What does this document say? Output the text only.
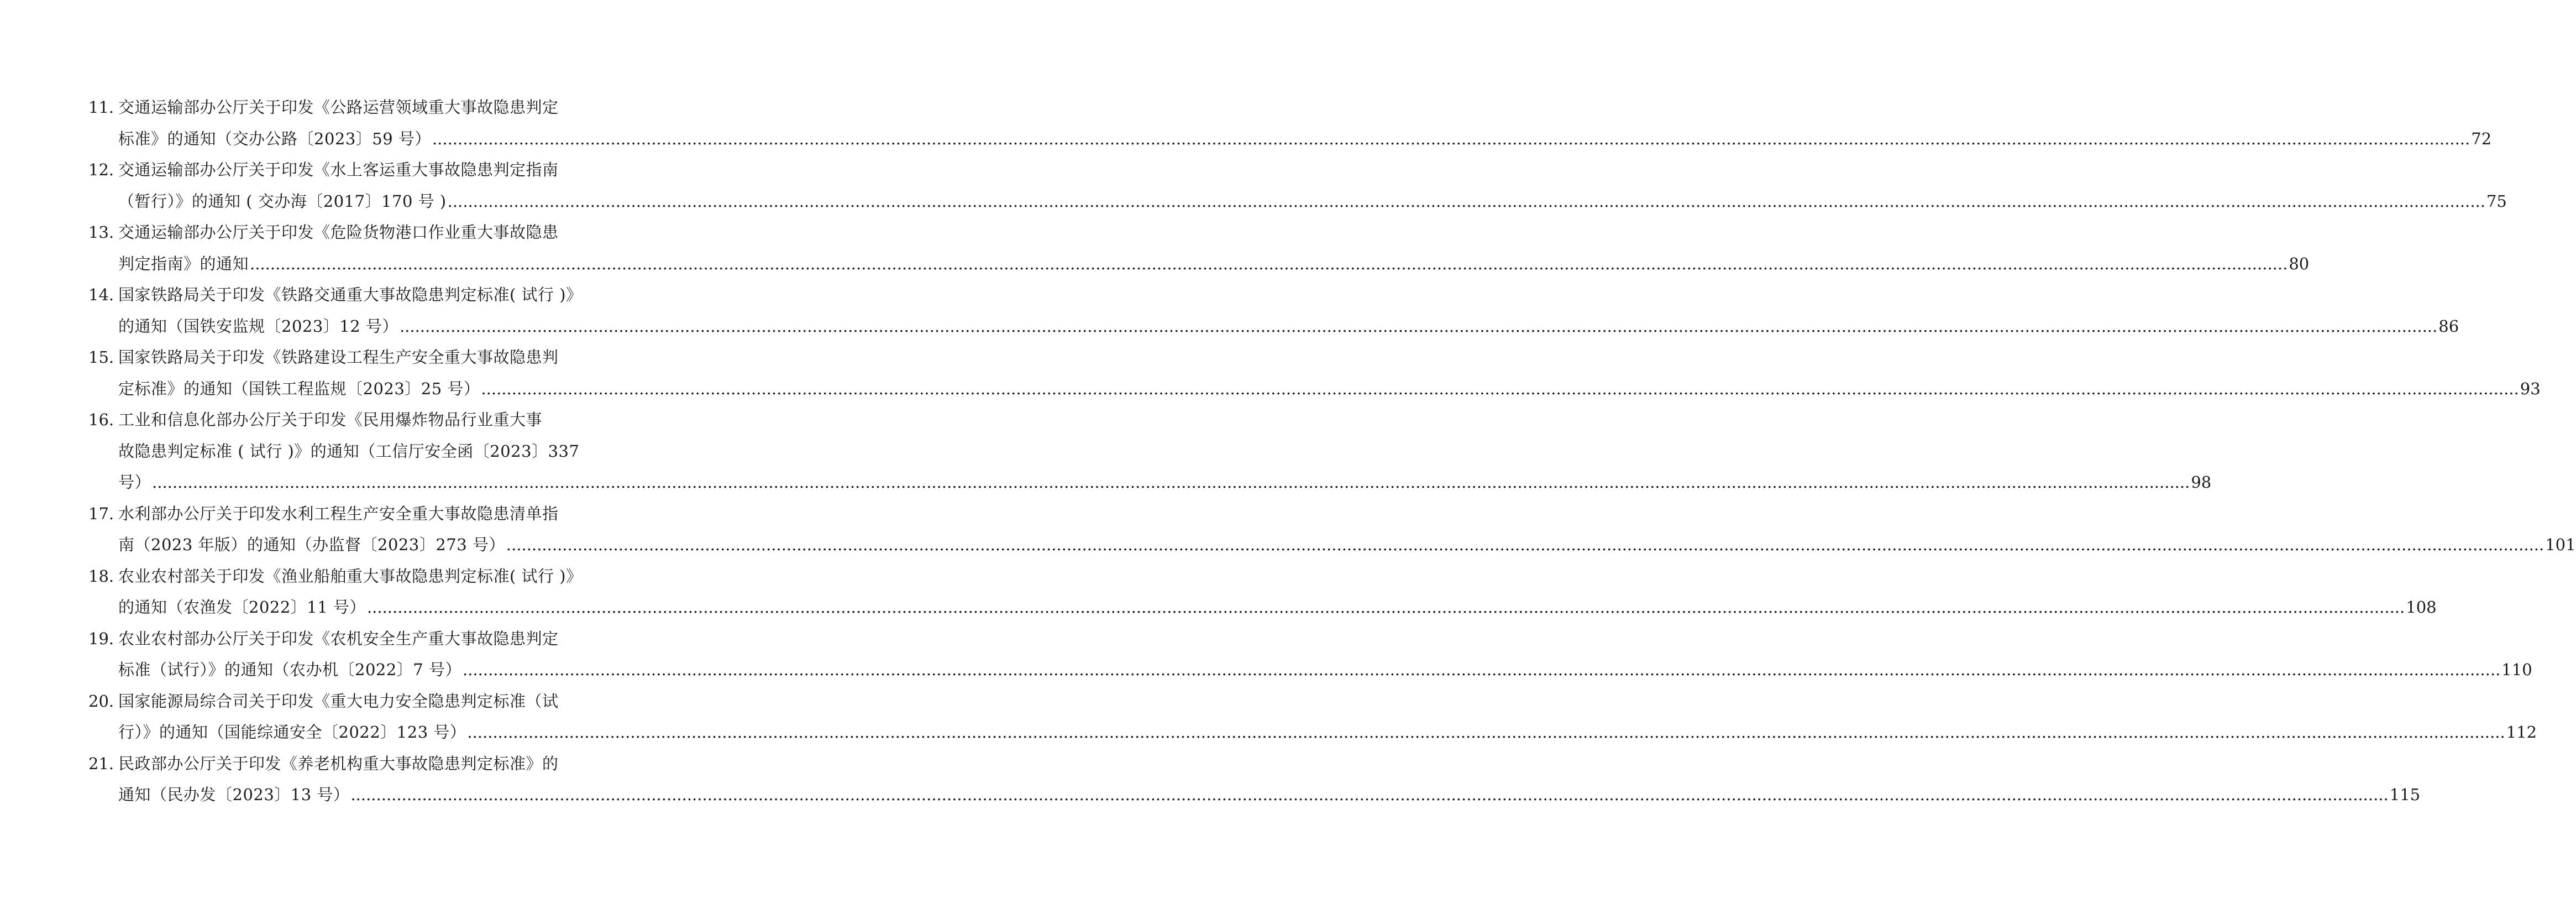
11. 交通运输部办公厅关于印发《公路运营领域重大事故隐患判定
标准》的通知（交办公路〔2023〕59 号） ................................................................................................................................................................................................................................................................................................................................................................................................................ 72
12. 交通运输部办公厅关于印发《水上客运重大事故隐患判定指南
（暂行）》的通知 ( 交办海〔2017〕170 号 ) ................................................................................................................................................................................................................................................................................................................................................................................................................ 75
13. 交通运输部办公厅关于印发《危险货物港口作业重大事故隐患
判定指南》的通知 ................................................................................................................................................................................................................................................................................................................................................................................................................ 80
14. 国家铁路局关于印发《铁路交通重大事故隐患判定标准( 试行 )》
的通知（国铁安监规〔2023〕12 号） ................................................................................................................................................................................................................................................................................................................................................................................................................ 86
15. 国家铁路局关于印发《铁路建设工程生产安全重大事故隐患判
定标准》的通知（国铁工程监规〔2023〕25 号） ................................................................................................................................................................................................................................................................................................................................................................................................................ 93
16. 工业和信息化部办公厅关于印发《民用爆炸物品行业重大事
故隐患判定标准 ( 试行 )》的通知（工信厅安全函〔2023〕337
号） ................................................................................................................................................................................................................................................................................................................................................................................................................ 98
17. 水利部办公厅关于印发水利工程生产安全重大事故隐患清单指
南（2023 年版）的通知（办监督〔2023〕273 号） ................................................................................................................................................................................................................................................................................................................................................................................................................ 101
18. 农业农村部关于印发《渔业船舶重大事故隐患判定标准( 试行 )》
的通知（农渔发〔2022〕11 号） ................................................................................................................................................................................................................................................................................................................................................................................................................ 108
19. 农业农村部办公厅关于印发《农机安全生产重大事故隐患判定
标准（试行）》的通知（农办机〔2022〕7 号） ................................................................................................................................................................................................................................................................................................................................................................................................................ 110
20. 国家能源局综合司关于印发《重大电力安全隐患判定标准（试
行）》的通知（国能综通安全〔2022〕123 号） ................................................................................................................................................................................................................................................................................................................................................................................................................ 112
21. 民政部办公厅关于印发《养老机构重大事故隐患判定标准》的
通知（民办发〔2023〕13 号） ................................................................................................................................................................................................................................................................................................................................................................................................................ 115
